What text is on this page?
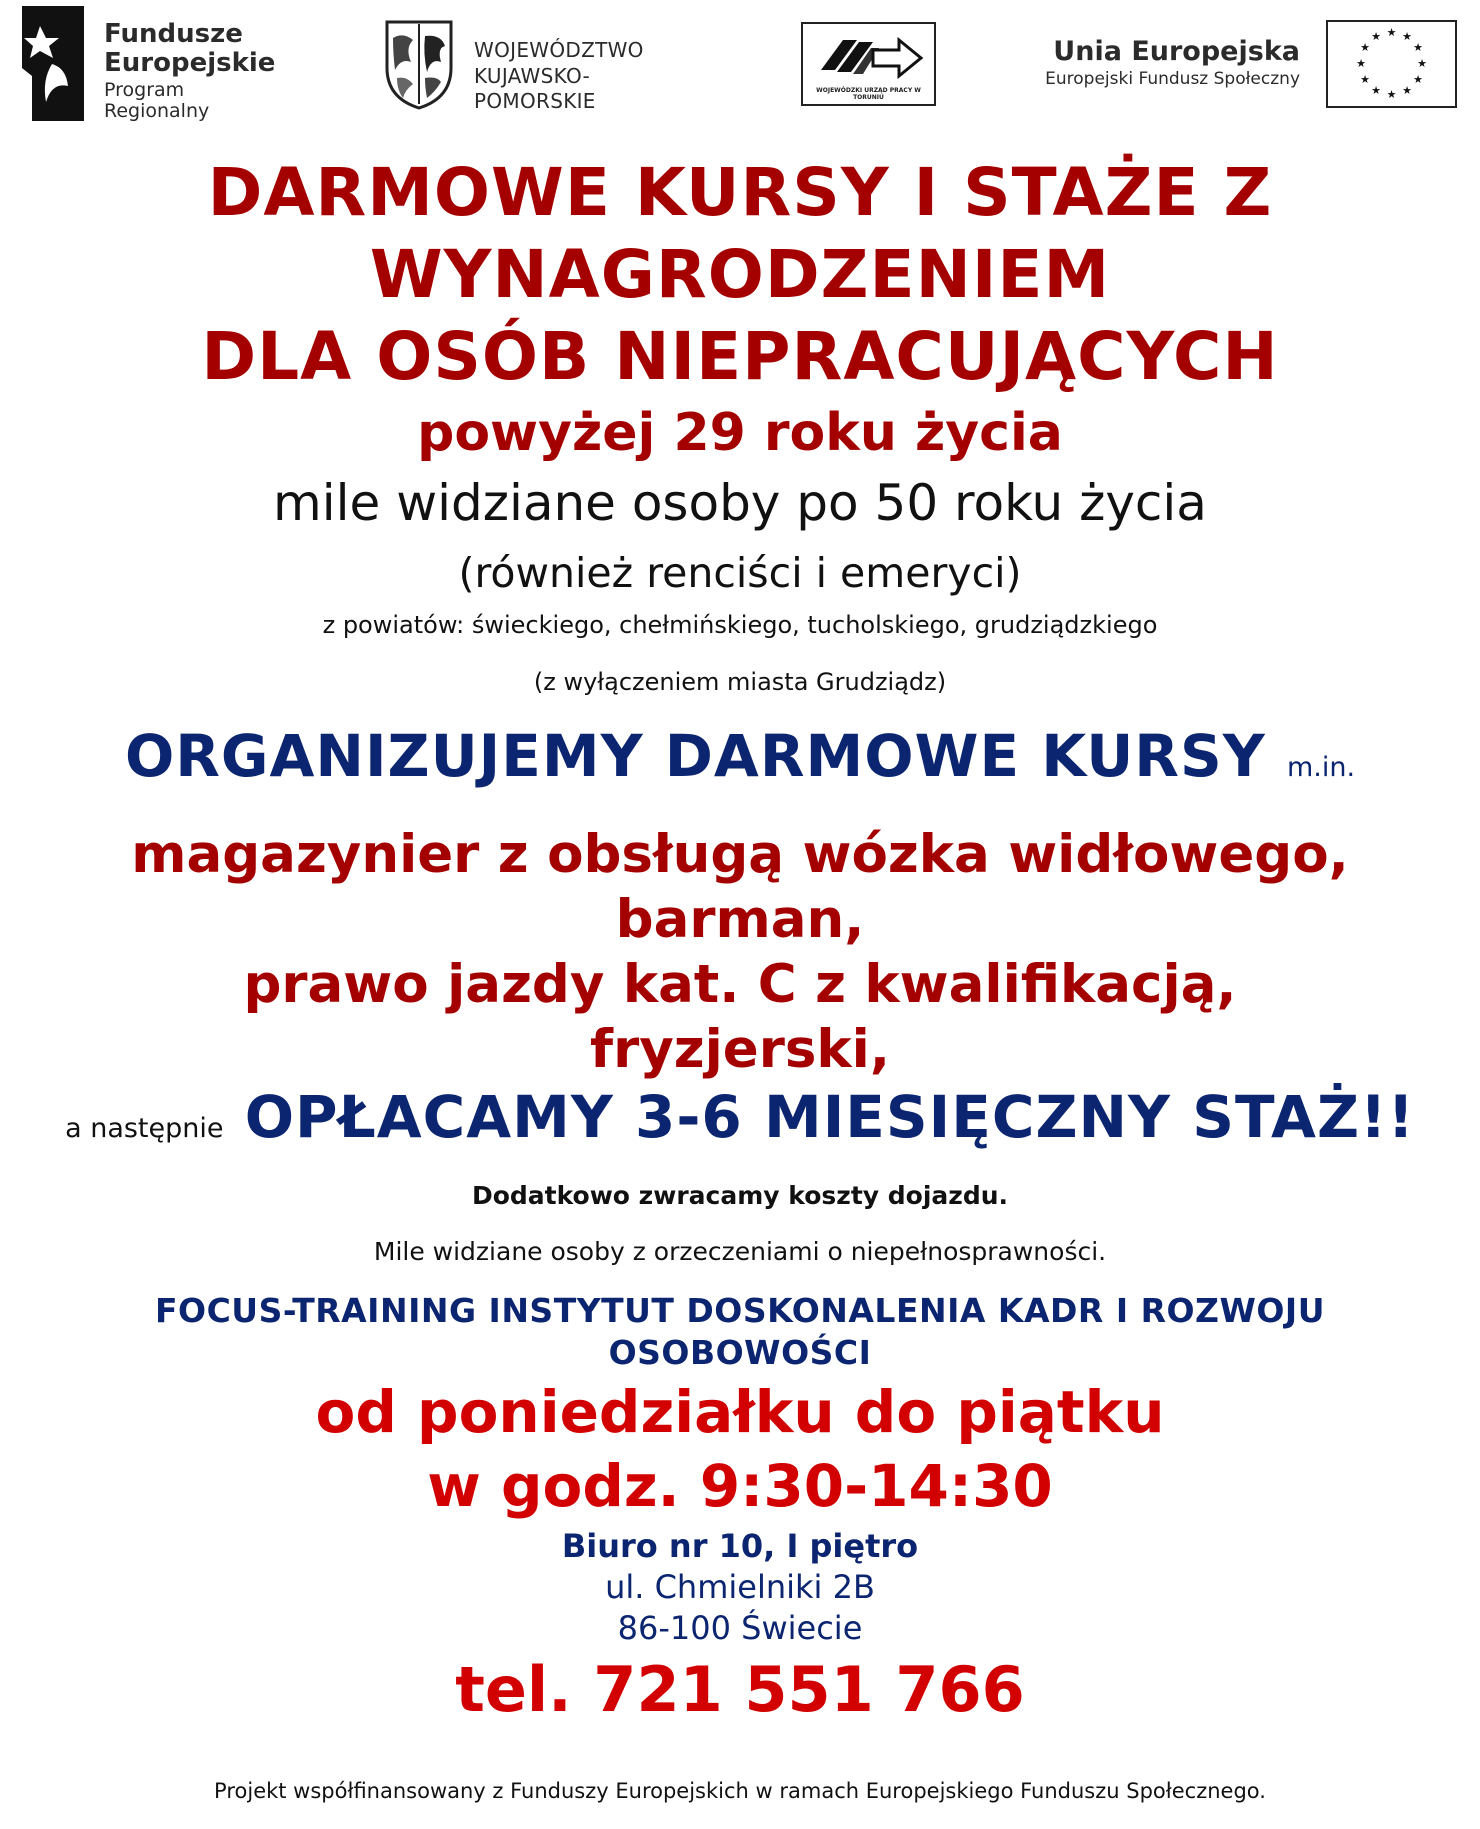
Fundusze
Europejskie
Program Regionalny
WOJEWÓDZTWO
KUJAWSKO-POMORSKIE	WOJEWÓDZKI URZĄD PRACY W TORUNIU
Unia Europejska
Europejski Fundusz Społeczny
★ ★
★
★
★
★
★
★
★
★
★
★

DARMOWE KURSY I STAŻE Z

WYNAGRODZENIEM

DLA OSÓB NIEPRACUJĄCYCH

powyżej 29 roku życia

mile widziane osoby po 50 roku życia

(również renciści i emeryci)

z powiatów: świeckiego, chełmińskiego, tucholskiego, grudziądzkiego

(z wyłączeniem miasta Grudziądz)

ORGANIZUJEMY DARMOWE KURSY m.in.

magazynier z obsługą wózka widłowego,

barman,

prawo jazdy kat. C z kwalifikacją,

fryzjerski,

a następnie OPŁACAMY 3-6 MIESIĘCZNY STAŻ!!

Dodatkowo zwracamy koszty dojazdu.

Mile widziane osoby z orzeczeniami o niepełnosprawności.

FOCUS-TRAINING INSTYTUT DOSKONALENIA KADR I ROZWOJU

OSOBOWOŚCI

od poniedziałku do piątku

w godz. 9:30-14:30

Biuro nr 10, I piętro

ul. Chmielniki 2B

86-100 Świecie

tel. 721 551 766

Projekt współfinansowany z Funduszy Europejskich w ramach Europejskiego Funduszu Społecznego.
